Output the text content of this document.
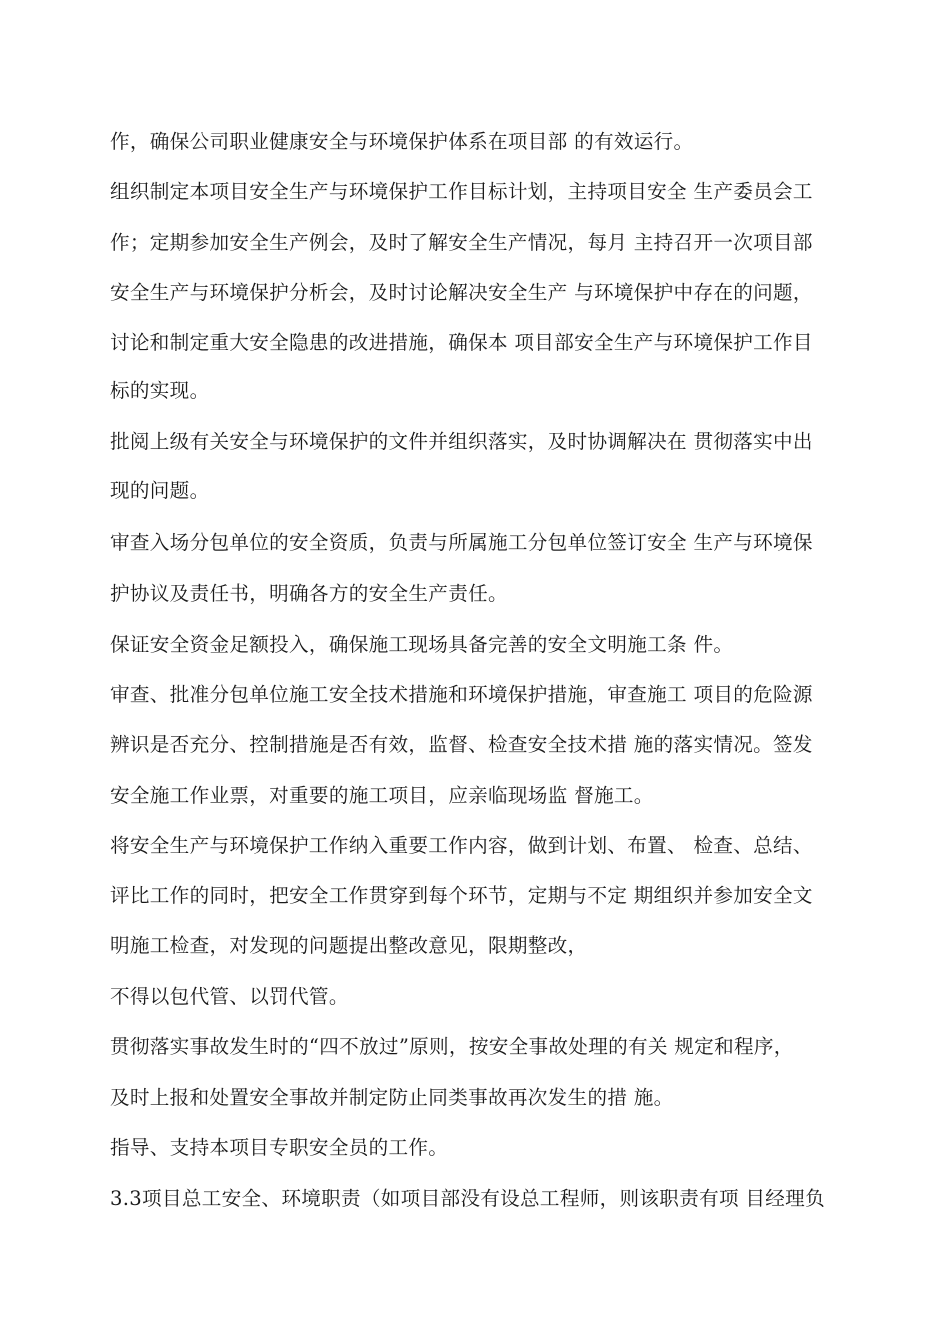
作，确保公司职业健康安全与环境保护体系在项目部 的有效运行。
组织制定本项目安全生产与环境保护工作目标计划，主持项目安全 生产委员会工
作；定期参加安全生产例会，及时了解安全生产情况，每月 主持召开一次项目部
安全生产与环境保护分析会，及时讨论解决安全生产 与环境保护中存在的问题，
讨论和制定重大安全隐患的改进措施，确保本 项目部安全生产与环境保护工作目
标的实现。
批阅上级有关安全与环境保护的文件并组织落实，及时协调解决在 贯彻落实中出
现的问题。
审查入场分包单位的安全资质，负责与所属施工分包单位签订安全 生产与环境保
护协议及责任书，明确各方的安全生产责任。
保证安全资金足额投入，确保施工现场具备完善的安全文明施工条 件。
审查、批准分包单位施工安全技术措施和环境保护措施，审查施工 项目的危险源
辨识是否充分、控制措施是否有效，监督、检查安全技术措 施的落实情况。签发
安全施工作业票，对重要的施工项目，应亲临现场监 督施工。
将安全生产与环境保护工作纳入重要工作内容，做到计划、布置、 检查、总结、
评比工作的同时，把安全工作贯穿到每个环节，定期与不定 期组织并参加安全文
明施工检查，对发现的问题提出整改意见，限期整改，
不得以包代管、以罚代管。
贯彻落实事故发生时的“四不放过”原则，按安全事故处理的有关 规定和程序，
及时上报和处置安全事故并制定防止同类事故再次发生的措 施。
指导、支持本项目专职安全员的工作。
3.3项目总工安全、环境职责（如项目部没有设总工程师，则该职责有项 目经理负
